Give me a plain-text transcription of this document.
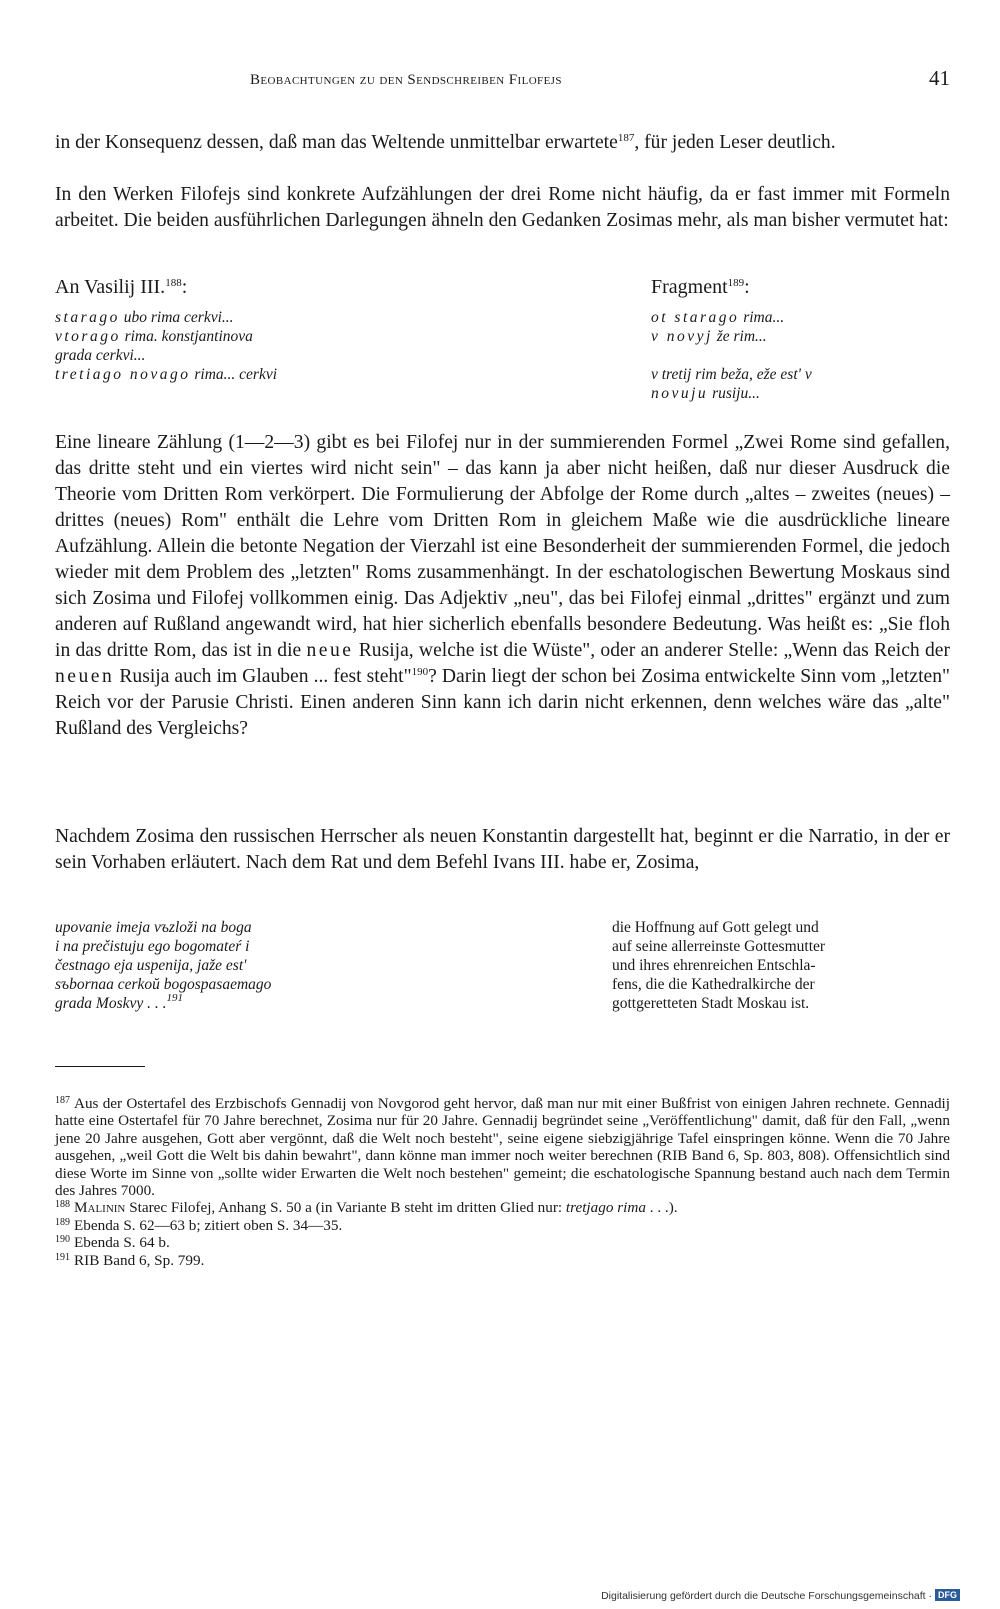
Beobachtungen zu den Sendschreiben Filofejs	41
in der Konsequenz dessen, daß man das Weltende unmittelbar erwartete$^{187}$, für jeden Leser deutlich.
In den Werken Filofejs sind konkrete Aufzählungen der drei Rome nicht häufig, da er fast immer mit Formeln arbeitet. Die beiden ausführlichen Darlegungen ähneln den Gedanken Zosimas mehr, als man bisher vermutet hat:
An Vasilij III.$^{188}$:	Fragment$^{189}$:
starago ubo rima cerkvi...
vtorago rima. konstjantinova
grada cerkvi...
tretiago novago rima... cerkvi
ot starago rima...
v novyj že rim...
v tretij rim beža, eže est' v
novuju rusiju...
Eine lineare Zählung (1—2—3) gibt es bei Filofej nur in der summierenden Formel „Zwei Rome sind gefallen, das dritte steht und ein viertes wird nicht sein" – das kann ja aber nicht heißen, daß nur dieser Ausdruck die Theorie vom Dritten Rom verkörpert. Die Formulierung der Abfolge der Rome durch „altes – zweites (neues) – drittes (neues) Rom" enthält die Lehre vom Dritten Rom in gleichem Maße wie die ausdrückliche lineare Aufzählung. Allein die betonte Negation der Vierzahl ist eine Besonderheit der summierenden Formel, die jedoch wieder mit dem Problem des „letzten" Roms zusammenhängt. In der eschatologischen Bewertung Moskaus sind sich Zosima und Filofej vollkommen einig. Das Adjektiv „neu", das bei Filofej einmal „drittes" ergänzt und zum anderen auf Rußland angewandt wird, hat hier sicherlich ebenfalls besondere Bedeutung. Was heißt es: „Sie floh in das dritte Rom, das ist in die neue Rusija, welche ist die Wüste", oder an anderer Stelle: „Wenn das Reich der neuen Rusija auch im Glauben ... fest steht"$^{190}$? Darin liegt der schon bei Zosima entwickelte Sinn vom „letzten" Reich vor der Parusie Christi. Einen anderen Sinn kann ich darin nicht erkennen, denn welches wäre das „alte" Rußland des Vergleichs?
Nachdem Zosima den russischen Herrscher als neuen Konstantin dargestellt hat, beginnt er die Narratio, in der er sein Vorhaben erläutert. Nach dem Rat und dem Befehl Ivans III. habe er, Zosima,
upovanie imeja vъzloži na boga
i na prečistuju ego bogomateŕ i
čestnago eja uspenija, jaže est'
sъbornaa cerkoŭ bogospasaemago
grada Moskvy . . .$^{191}$
die Hoffnung auf Gott gelegt und
auf seine allerreinste Gottesmutter
und ihres ehrenreichen Entschla-
fens, die die Kathedralkirche der
gottgeretteten Stadt Moskau ist.

$^{187}$ Aus der Ostertafel des Erzbischofs Gennadij von Novgorod geht hervor, daß man nur mit einer Bußfrist von einigen Jahren rechnete. Gennadij hatte eine Ostertafel für 70 Jahre berechnet, Zosima nur für 20 Jahre. Gennadij begründet seine „Veröffentlichung" damit, daß für den Fall, „wenn jene 20 Jahre ausgehen, Gott aber vergönnt, daß die Welt noch besteht", seine eigene siebzigjährige Tafel einspringen könne. Wenn die 70 Jahre ausgehen, „weil Gott die Welt bis dahin bewahrt", dann könne man immer noch weiter berechnen (RIB Band 6, Sp. 803, 808). Offensichtlich sind diese Worte im Sinne von „sollte wider Erwarten die Welt noch bestehen" gemeint; die eschatologische Spannung bestand auch nach dem Termin des Jahres 7000.

$^{188}$ Malinin Starec Filofej, Anhang S. 50 a (in Variante B steht im dritten Glied nur: tretjago rima . . .).

$^{189}$ Ebenda S. 62—63 b; zitiert oben S. 34—35.

$^{190}$ Ebenda S. 64 b.

$^{191}$ RIB Band 6, Sp. 799.

Digitalisierung gefördert durch die Deutsche Forschungsgemeinschaft · DFG
